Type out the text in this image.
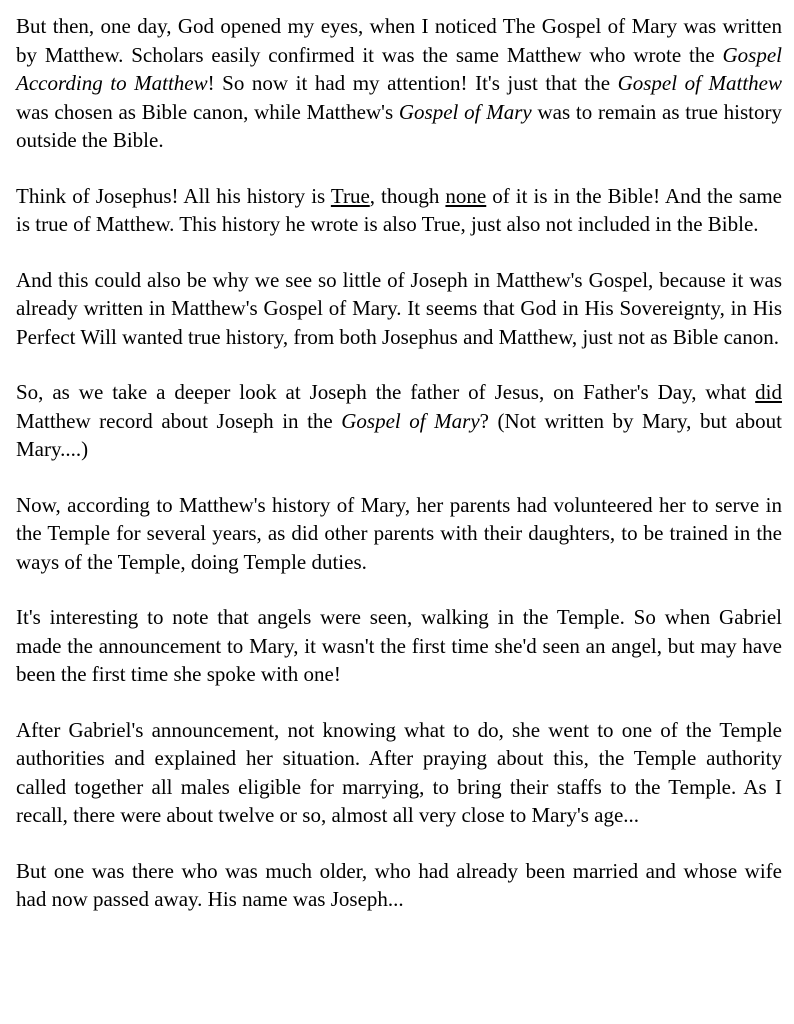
But then, one day, God opened my eyes, when I noticed The Gospel of Mary was written by Matthew. Scholars easily confirmed it was the same Matthew who wrote the Gospel According to Matthew! So now it had my attention! It's just that the Gospel of Matthew was chosen as Bible canon, while Matthew's Gospel of Mary was to remain as true history outside the Bible.

Think of Josephus! All his history is True, though none of it is in the Bible! And the same is true of Matthew. This history he wrote is also True, just also not included in the Bible.

And this could also be why we see so little of Joseph in Matthew's Gospel, because it was already written in Matthew's Gospel of Mary. It seems that God in His Sovereignty, in His Perfect Will wanted true history, from both Josephus and Matthew, just not as Bible canon.

So, as we take a deeper look at Joseph the father of Jesus, on Father's Day, what did Matthew record about Joseph in the Gospel of Mary? (Not written by Mary, but about Mary....)

Now, according to Matthew's history of Mary, her parents had volunteered her to serve in the Temple for several years, as did other parents with their daughters, to be trained in the ways of the Temple, doing Temple duties.

It's interesting to note that angels were seen, walking in the Temple. So when Gabriel made the announcement to Mary, it wasn't the first time she'd seen an angel, but may have been the first time she spoke with one!

After Gabriel's announcement, not knowing what to do, she went to one of the Temple authorities and explained her situation. After praying about this, the Temple authority called together all males eligible for marrying, to bring their staffs to the Temple. As I recall, there were about twelve or so, almost all very close to Mary's age...

But one was there who was much older, who had already been married and whose wife had now passed away. His name was Joseph...
